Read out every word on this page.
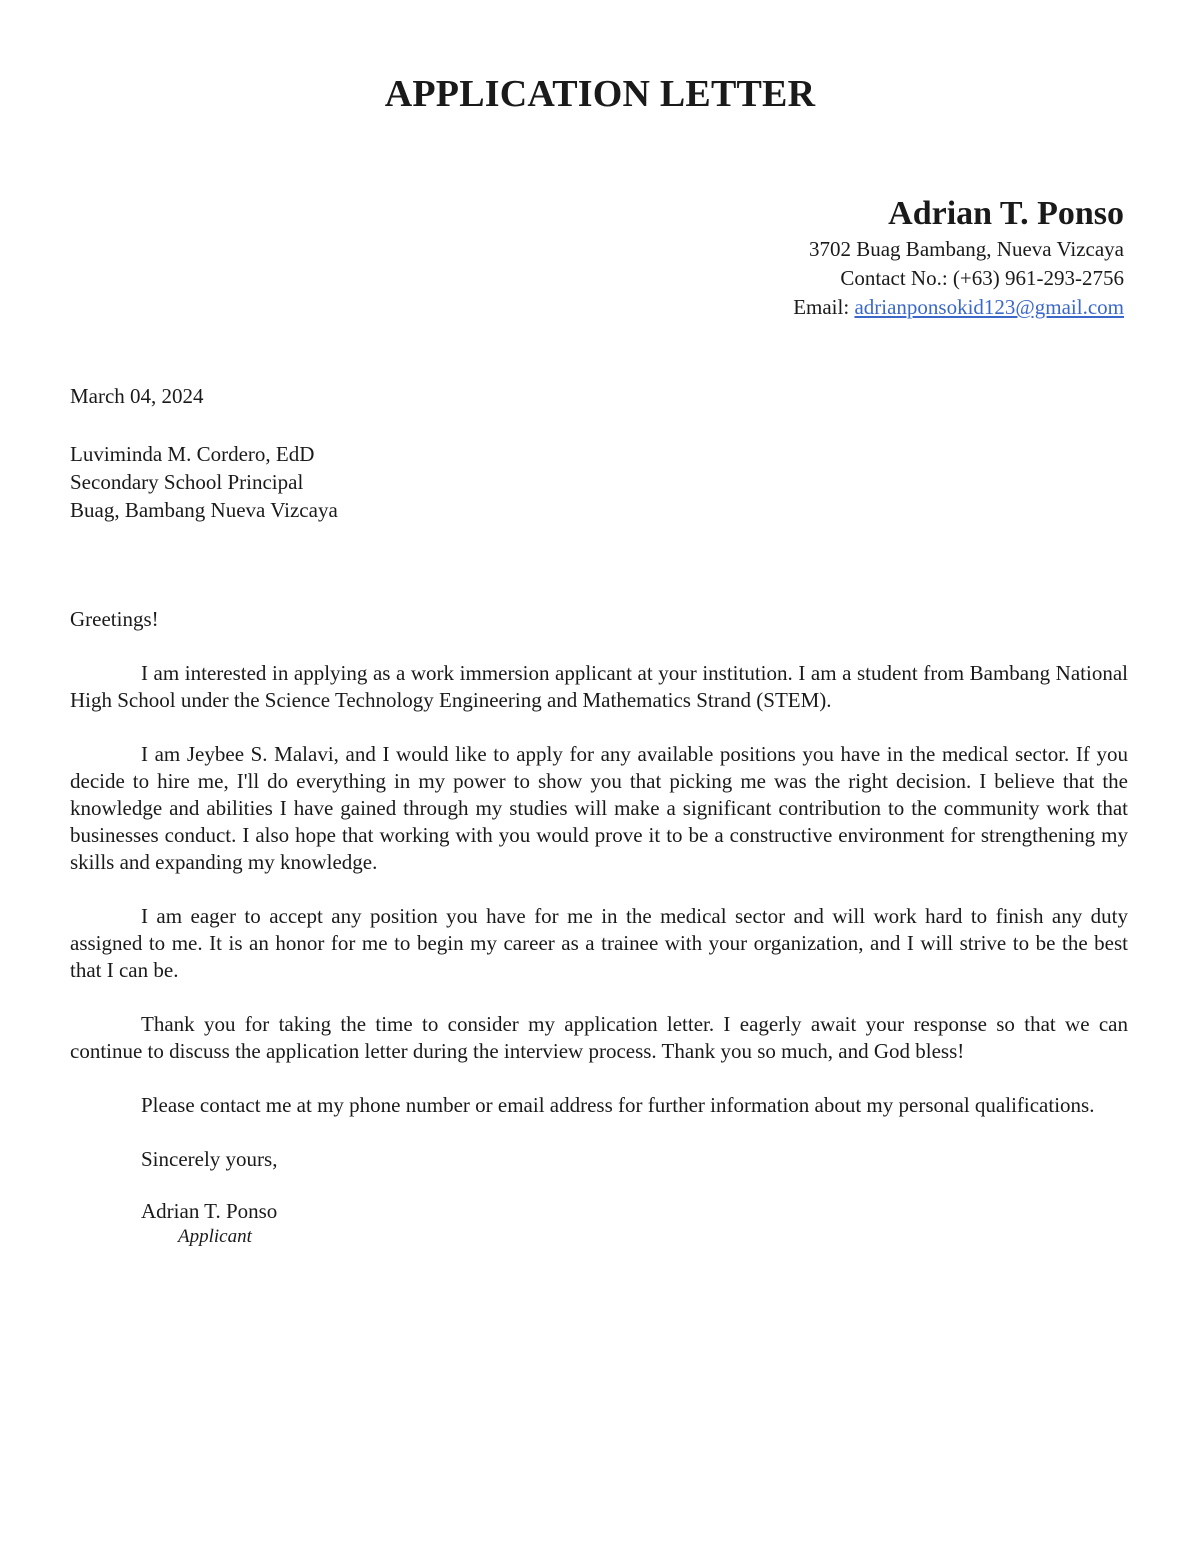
APPLICATION LETTER
Adrian T. Ponso
3702 Buag Bambang, Nueva Vizcaya
Contact No.: (+63) 961-293-2756
Email: adrianponsokid123@gmail.com
March 04, 2024
Luviminda M. Cordero, EdD
Secondary School Principal
Buag, Bambang Nueva Vizcaya

Greetings!

I am interested in applying as a work immersion applicant at your institution. I am a student from Bambang National High School under the Science Technology Engineering and Mathematics Strand (STEM).

I am Jeybee S. Malavi, and I would like to apply for any available positions you have in the medical sector. If you decide to hire me, I'll do everything in my power to show you that picking me was the right decision. I believe that the knowledge and abilities I have gained through my studies will make a significant contribution to the community work that businesses conduct. I also hope that working with you would prove it to be a constructive environment for strengthening my skills and expanding my knowledge.

I am eager to accept any position you have for me in the medical sector and will work hard to finish any duty assigned to me. It is an honor for me to begin my career as a trainee with your organization, and I will strive to be the best that I can be.

Thank you for taking the time to consider my application letter. I eagerly await your response so that we can continue to discuss the application letter during the interview process. Thank you so much, and God bless!

Please contact me at my phone number or email address for further information about my personal qualifications.

Sincerely yours,

Adrian T. Ponso
Applicant
